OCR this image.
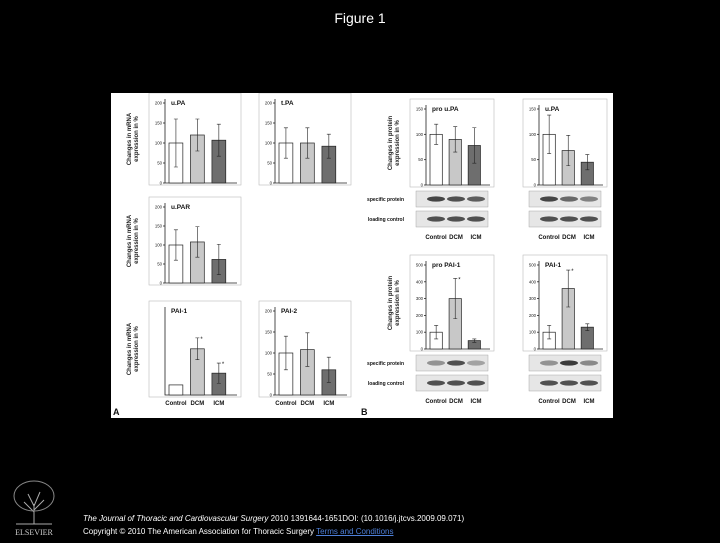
Figure 1
0
50
100
150
200 u.PA
Changes in mRNAexpression in %
0
50
100
150
200 t.PA
0
50
100
150
200 u.PAR
Changes in mRNAexpression in %
PAI-1
*
*
Control DCM ICM
Changes in mRNAexpression in %
0
50
100
150
200 PAI-2
Control DCM ICM
0
50
100
150 pro u.PA
Changes in proteinexpression in %
specific protein
loading control
Control DCM ICM
0
50
100
150 u.PA
Control DCM ICM
0
100
200
300
400
500 pro PAI-1
*
Changes in proteinexpression in %
specific protein
loading control
Control DCM ICM
0
100
200
300
400
500 PAI-1
*
Control DCM ICM
A	B
ELSEVIER
The Journal of Thoracic and Cardiovascular Surgery 2010 1391644-1651DOI: (10.1016/j.jtcvs.2009.09.071)
Copyright © 2010 The American Association for Thoracic Surgery Terms and Conditions
